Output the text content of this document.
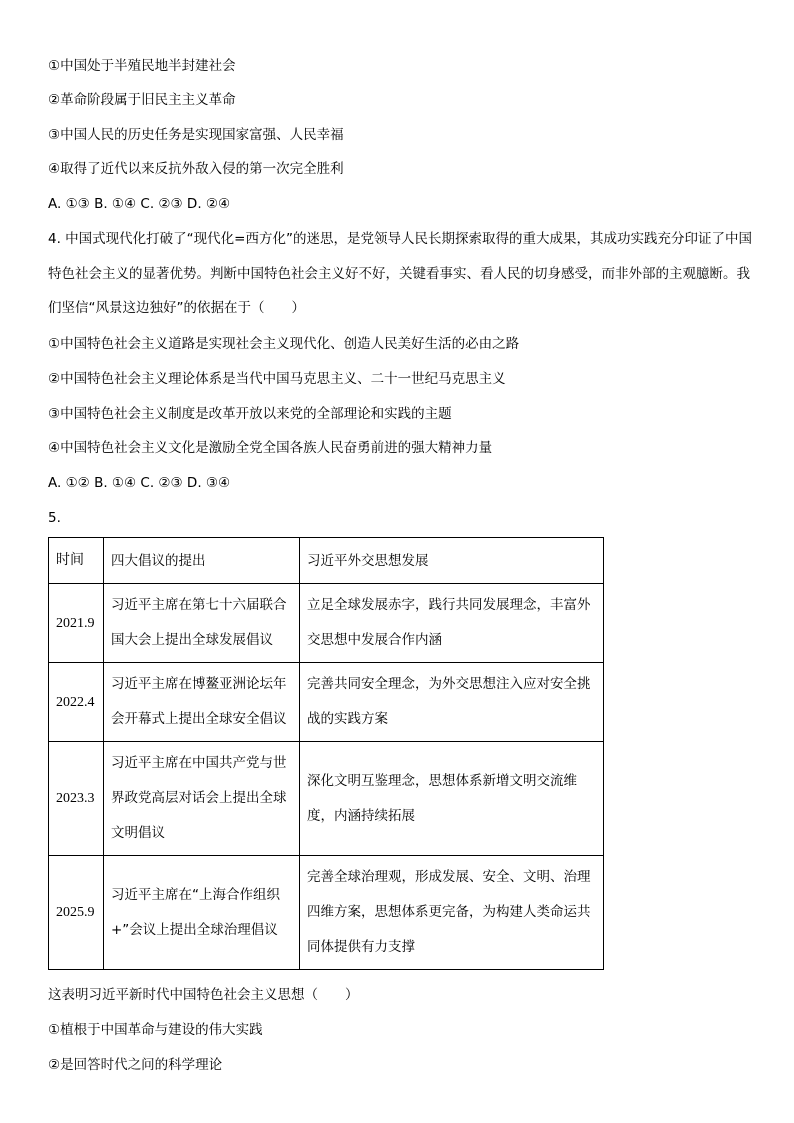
①中国处于半殖民地半封建社会
②革命阶段属于旧民主主义革命
③中国人民的历史任务是实现国家富强、人民幸福
④取得了近代以来反抗外敌入侵的第一次完全胜利
A. ①③ B. ①④ C. ②③ D. ②④
4. 中国式现代化打破了“现代化=西方化”的迷思，是党领导人民长期探索取得的重大成果，其成功实践充分印证了中国特色社会主义的显著优势。判断中国特色社会主义好不好，关键看事实、看人民的切身感受，而非外部的主观臆断。我们坚信“风景这边独好”的依据在于（　　）
①中国特色社会主义道路是实现社会主义现代化、创造人民美好生活的必由之路
②中国特色社会主义理论体系是当代中国马克思主义、二十一世纪马克思主义
③中国特色社会主义制度是改革开放以来党的全部理论和实践的主题
④中国特色社会主义文化是激励全党全国各族人民奋勇前进的强大精神力量
A. ①② B. ①④ C. ②③ D. ③④
5.
时间	四大倡议的提出	习近平外交思想发展
2021.9	习近平主席在第七十六届联合国大会上提出全球发展倡议	立足全球发展赤字，践行共同发展理念，丰富外交思想中发展合作内涵
2022.4	习近平主席在博鳌亚洲论坛年会开幕式上提出全球安全倡议	完善共同安全理念，为外交思想注入应对安全挑战的实践方案
2023.3	习近平主席在中国共产党与世界政党高层对话会上提出全球文明倡议	深化文明互鉴理念，思想体系新增文明交流维度，内涵持续拓展
2025.9	习近平主席在“上海合作组织+”会议上提出全球治理倡议	完善全球治理观，形成发展、安全、文明、治理四维方案，思想体系更完备，为构建人类命运共同体提供有力支撑
这表明习近平新时代中国特色社会主义思想（　　）
①植根于中国革命与建设的伟大实践
②是回答时代之问的科学理论
